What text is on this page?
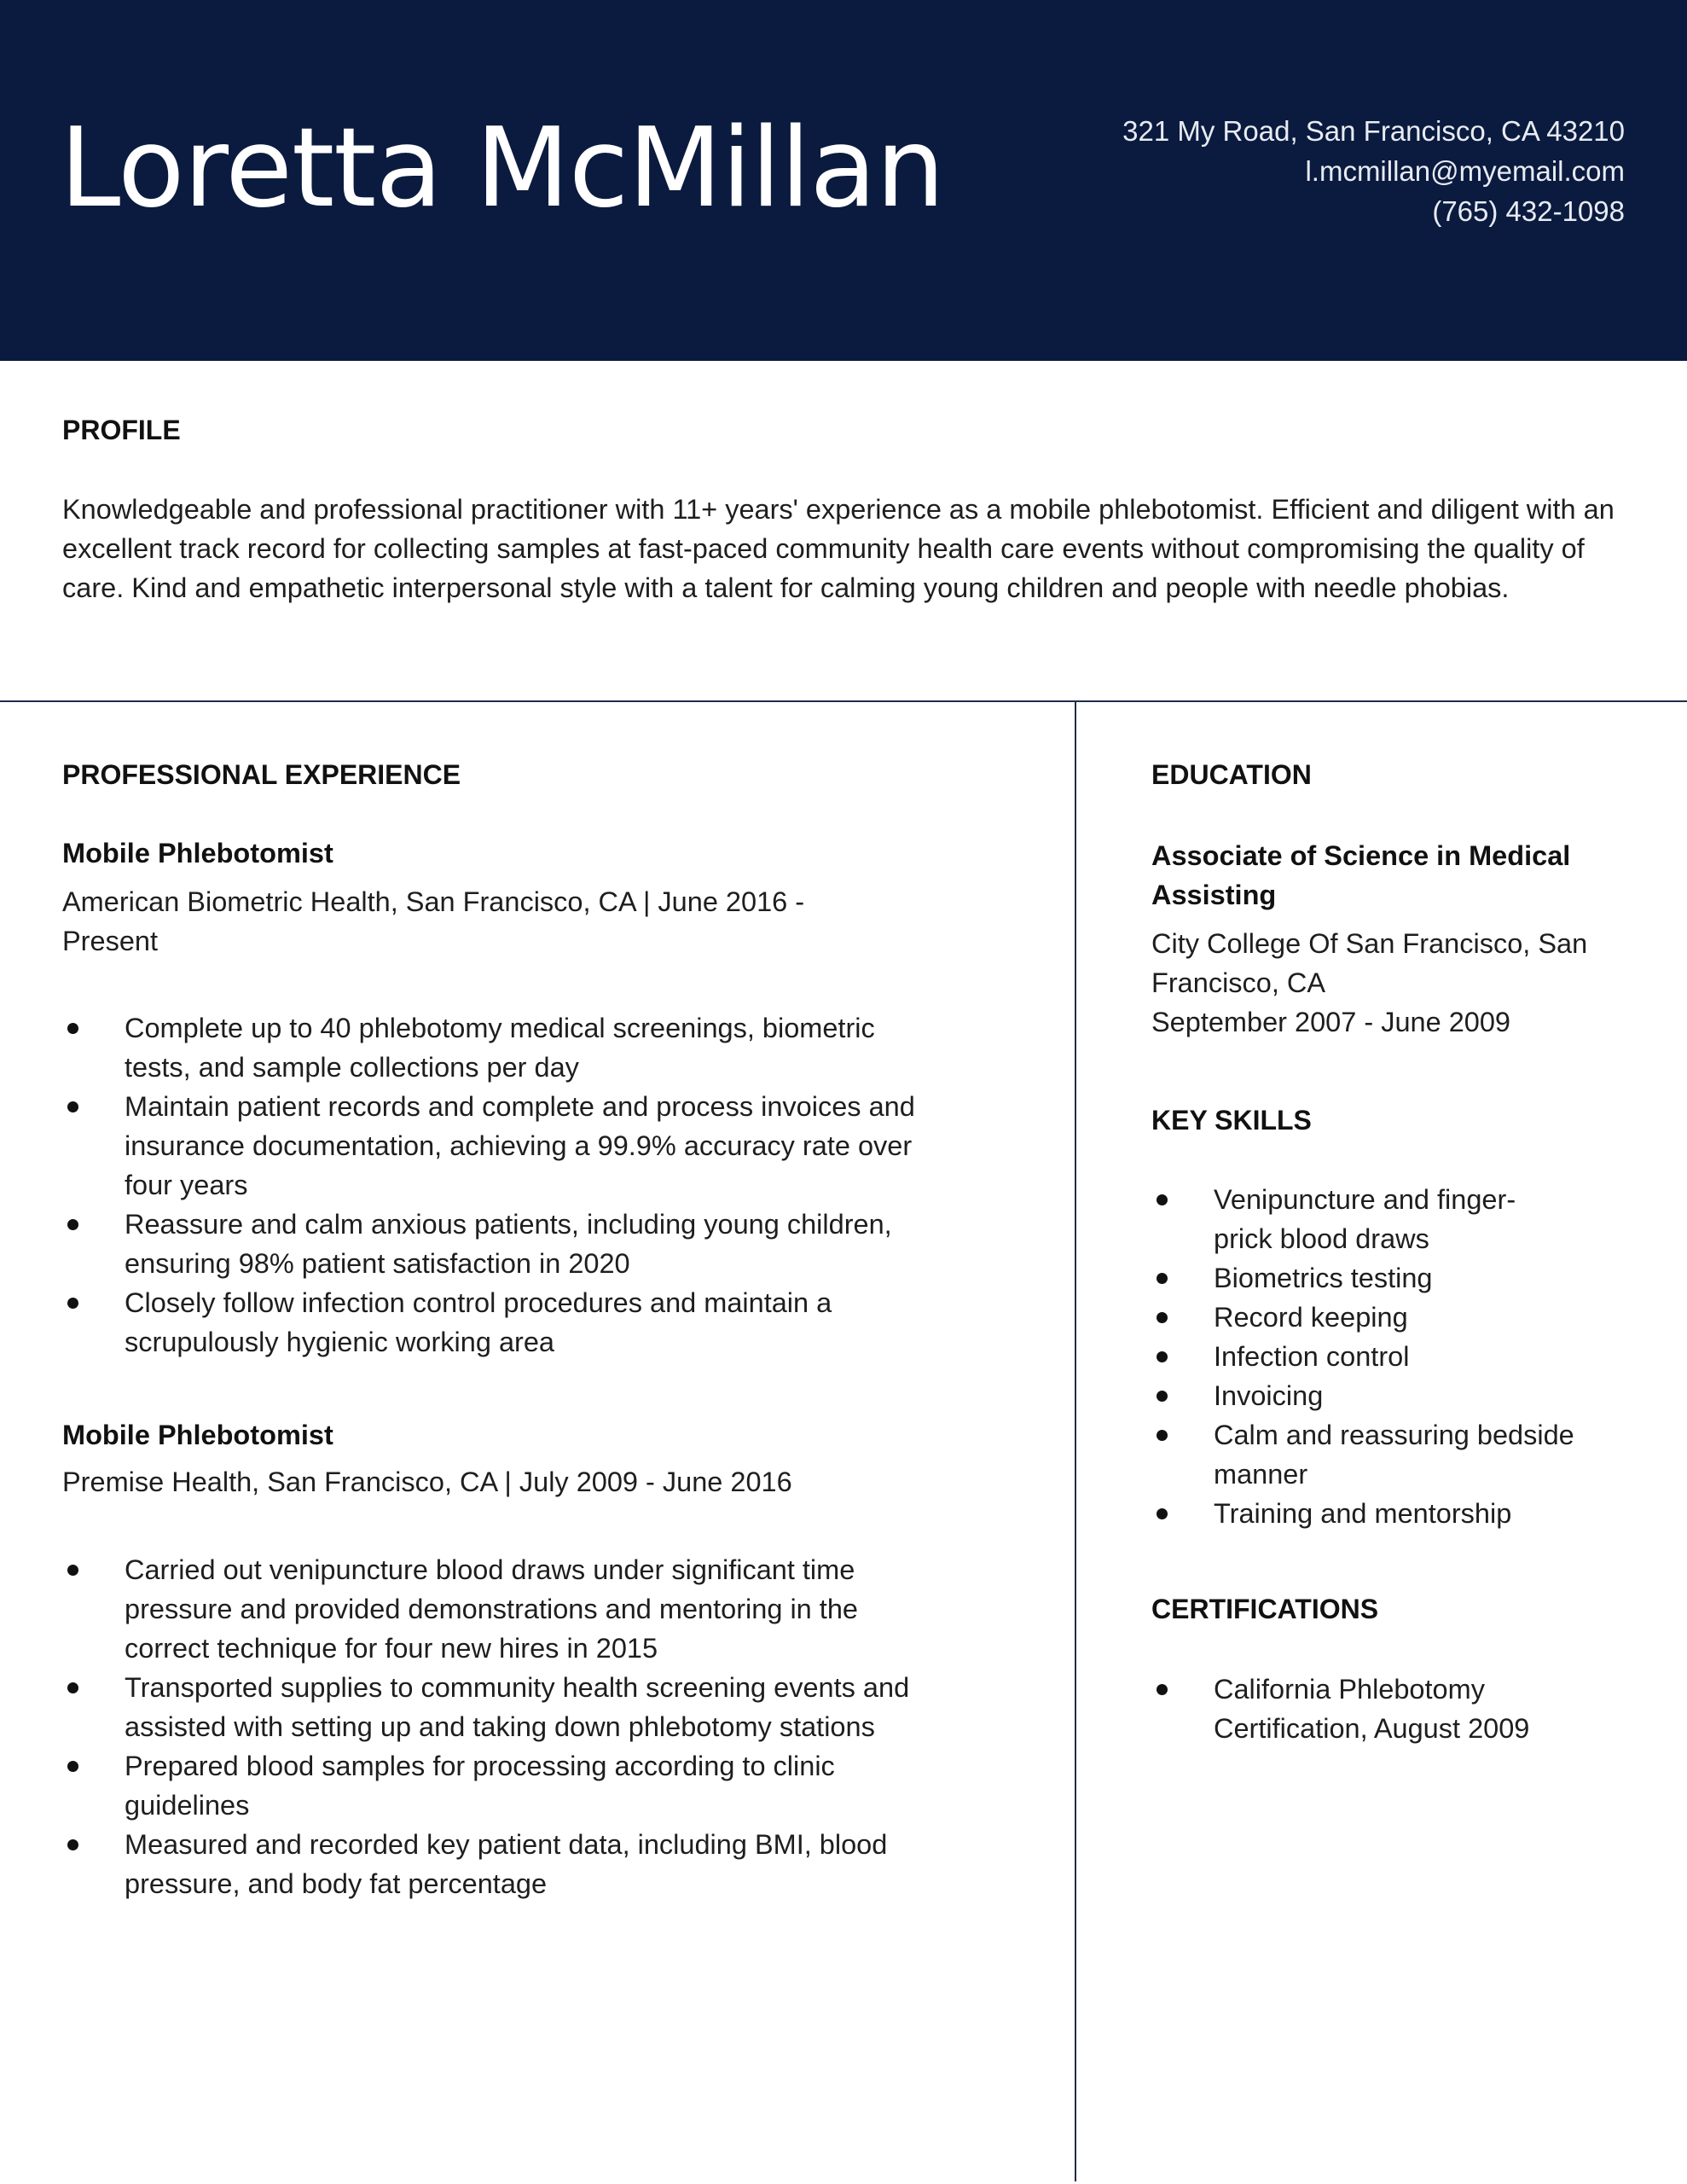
Loretta McMillan	321 My Road, San Francisco, CA 43210
l.mcmillan@myemail.com
(765) 432-1098
PROFILE
Knowledgeable and professional practitioner with 11+ years' experience as a mobile phlebotomist. Efficient and diligent with an excellent track record for collecting samples at fast-paced community health care events without compromising the quality of care. Kind and empathetic interpersonal style with a talent for calming young children and people with needle phobias.
PROFESSIONAL EXPERIENCE
Mobile Phlebotomist
American Biometric Health, San Francisco, CA | June 2016 - Present
Complete up to 40 phlebotomy medical screenings, biometric tests, and sample collections per day
Maintain patient records and complete and process invoices and insurance documentation, achieving a 99.9% accuracy rate over four years
Reassure and calm anxious patients, including young children, ensuring 98% patient satisfaction in 2020
Closely follow infection control procedures and maintain a scrupulously hygienic working area
Mobile Phlebotomist
Premise Health, San Francisco, CA | July 2009 - June 2016
Carried out venipuncture blood draws under significant time pressure and provided demonstrations and mentoring in the correct technique for four new hires in 2015
Transported supplies to community health screening events and assisted with setting up and taking down phlebotomy stations
Prepared blood samples for processing according to clinic guidelines
Measured and recorded key patient data, including BMI, blood pressure, and body fat percentage
EDUCATION
Associate of Science in Medical Assisting
City College Of San Francisco, San Francisco, CA
September 2007 - June 2009
KEY SKILLS
Venipuncture and finger-prick blood draws
Biometrics testing
Record keeping
Infection control
Invoicing
Calm and reassuring bedside manner
Training and mentorship
CERTIFICATIONS
California Phlebotomy Certification, August 2009
